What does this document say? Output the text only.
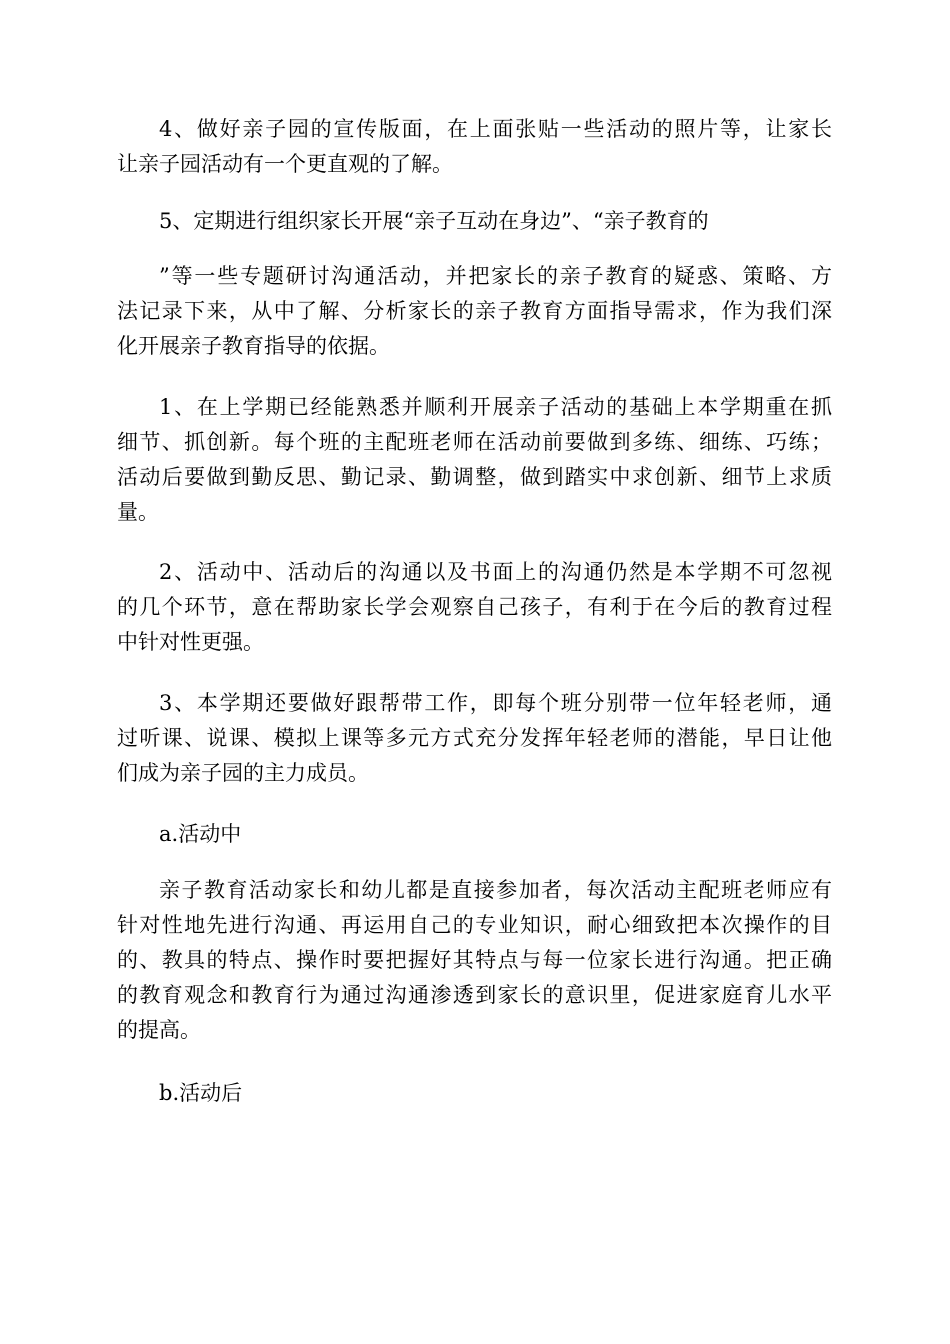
4、做好亲子园的宣传版面，在上面张贴一些活动的照片等，让家长
让亲子园活动有一个更直观的了解。
5、定期进行组织家长开展“亲子互动在身边”、“亲子教育的
”等一些专题研讨沟通活动，并把家长的亲子教育的疑惑、策略、方
法记录下来，从中了解、分析家长的亲子教育方面指导需求，作为我们深
化开展亲子教育指导的依据。
1、在上学期已经能熟悉并顺利开展亲子活动的基础上本学期重在抓
细节、抓创新。每个班的主配班老师在活动前要做到多练、细练、巧练；
活动后要做到勤反思、勤记录、勤调整，做到踏实中求创新、细节上求质
量。
2、活动中、活动后的沟通以及书面上的沟通仍然是本学期不可忽视
的几个环节，意在帮助家长学会观察自己孩子，有利于在今后的教育过程
中针对性更强。
3、本学期还要做好跟帮带工作，即每个班分别带一位年轻老师，通
过听课、说课、模拟上课等多元方式充分发挥年轻老师的潜能，早日让他
们成为亲子园的主力成员。
a.活动中
亲子教育活动家长和幼儿都是直接参加者，每次活动主配班老师应有
针对性地先进行沟通、再运用自己的专业知识，耐心细致把本次操作的目
的、教具的特点、操作时要把握好其特点与每一位家长进行沟通。把正确
的教育观念和教育行为通过沟通渗透到家长的意识里，促进家庭育儿水平
的提高。
b.活动后
